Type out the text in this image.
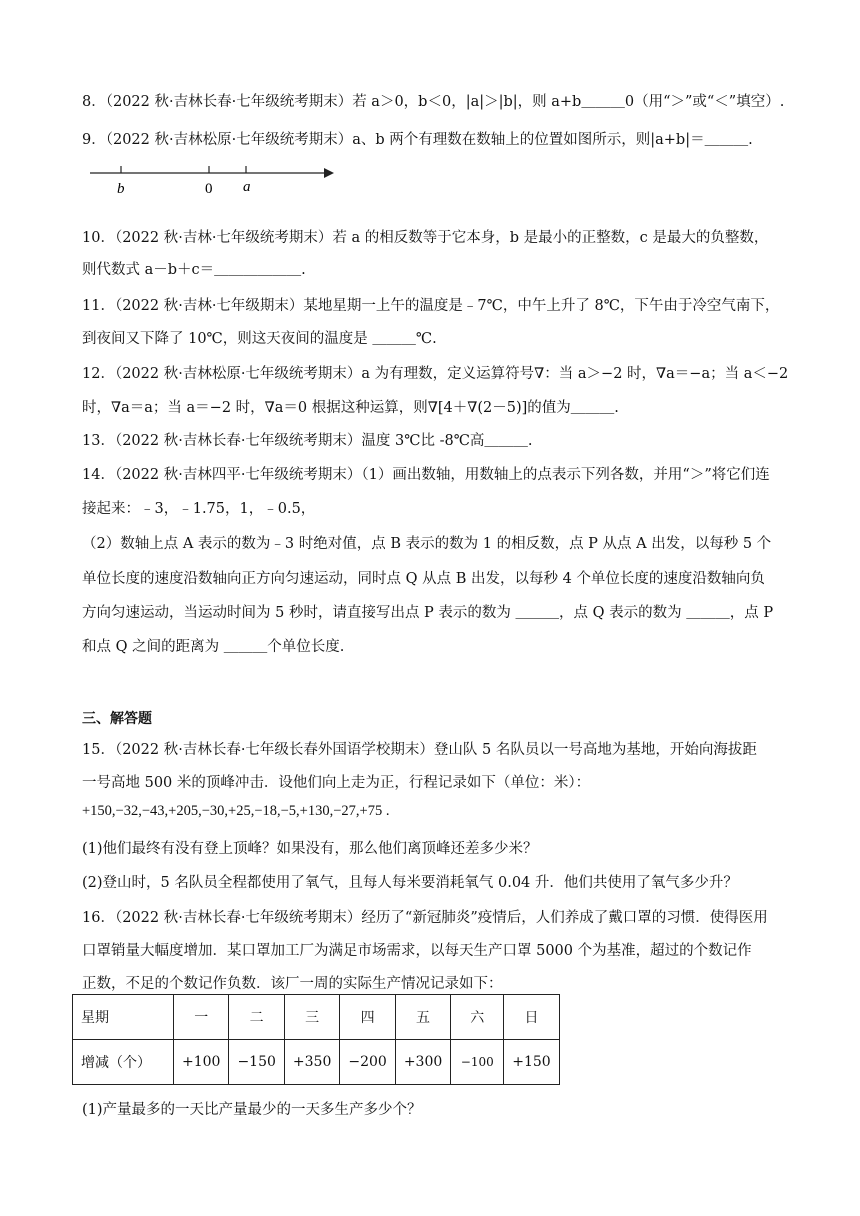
8．（2022 秋·吉林长春·七年级统考期末）若 a＞0，b＜0，|a|＞|b|，则 a+b＿＿＿0（用“＞”或“＜”填空）.
9．（2022 秋·吉林松原·七年级统考期末）a、b 两个有理数在数轴上的位置如图所示，则|a+b|＝＿＿＿.
b	0 a
10．（2022 秋·吉林·七年级统考期末）若 a 的相反数等于它本身，b 是最小的正整数，c 是最大的负整数，
则代数式 a－b＋c＝＿＿＿＿＿＿.
11．（2022 秋·吉林·七年级期末）某地星期一上午的温度是﹣7℃，中午上升了 8℃，下午由于冷空气南下，
到夜间又下降了 10℃，则这天夜间的温度是 ＿＿＿℃.
12．（2022 秋·吉林松原·七年级统考期末）a 为有理数，定义运算符号∇：当 a＞−2 时，∇a＝−a；当 a＜−2
时，∇a＝a；当 a＝−2 时，∇a＝0 根据这种运算，则∇[4＋∇(2－5)]的值为＿＿＿.
13．（2022 秋·吉林长春·七年级统考期末）温度 3℃比 -8℃高＿＿＿.
14．（2022 秋·吉林四平·七年级统考期末）（1）画出数轴，用数轴上的点表示下列各数，并用“＞”将它们连
接起来：﹣3，﹣1.75，1，﹣0.5，
（2）数轴上点 A 表示的数为﹣3 时绝对值，点 B 表示的数为 1 的相反数，点 P 从点 A 出发，以每秒 5 个
单位长度的速度沿数轴向正方向匀速运动，同时点 Q 从点 B 出发，以每秒 4 个单位长度的速度沿数轴向负
方向匀速运动，当运动时间为 5 秒时，请直接写出点 P 表示的数为 ＿＿＿，点 Q 表示的数为 ＿＿＿，点 P
和点 Q 之间的距离为 ＿＿＿个单位长度.
三、解答题
15．（2022 秋·吉林长春·七年级长春外国语学校期末）登山队 5 名队员以一号高地为基地，开始向海拔距
一号高地 500 米的顶峰冲击．设他们向上走为正，行程记录如下（单位：米）：
+150,−32,−43,+205,−30,+25,−18,−5,+130,−27,+75 .
(1)他们最终有没有登上顶峰？如果没有，那么他们离顶峰还差多少米？
(2)登山时，5 名队员全程都使用了氧气，且每人每米要消耗氧气 0.04 升．他们共使用了氧气多少升？
16．（2022 秋·吉林长春·七年级统考期末）经历了“新冠肺炎”疫情后，人们养成了戴口罩的习惯．使得医用
口罩销量大幅度增加．某口罩加工厂为满足市场需求，以每天生产口罩 5000 个为基准，超过的个数记作
正数，不足的个数记作负数．该厂一周的实际生产情况记录如下：
星期	一	二	三	四	五	六	日
增减（个）	+100	−150	+350	−200	+300	−100	+150
(1)产量最多的一天比产量最少的一天多生产多少个？
